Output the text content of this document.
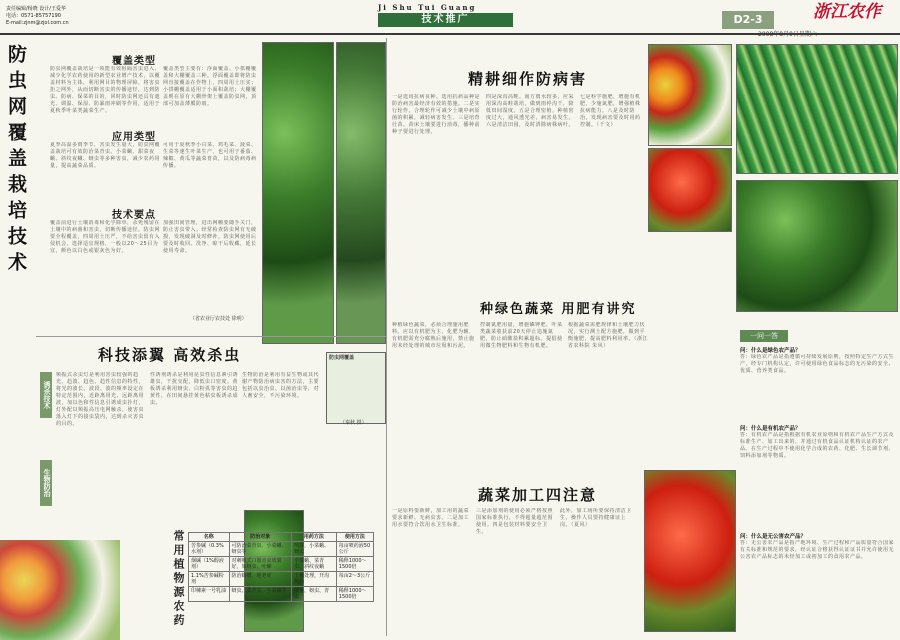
责任编辑/杨晓 设计/王爱华
电话：0571-85757190
E-mail:zjnm@zjol.com.cn
Ji Shu Tui Guang
技术推广	D2-3	浙江农作
防虫网覆盖栽培技术	覆盖类型
防虫网覆盖栽培是一项能有效阻隔害虫进入、减少化学农药使用的新型农业增产技术，以覆盖材料为主体，利用网目的物理屏障，将害虫拒之网外，从而切断害虫的传播途径，达到防虫、防病、保菜的目的，同时防虫网还具有遮光、调温、保湿、防暴雨冲刷等作用，适用于夏秋季叶菜类蔬菜生产。
覆盖类型主要有：浮面覆盖、小拱棚覆盖和大棚覆盖三种。浮面覆盖即将防虫网直接覆盖在作物上，四周用土压实；小拱棚覆盖适用于小面积栽培；大棚覆盖则在原有大棚骨架上覆盖防虫网，顶部可加盖薄膜防雨。
应用类型
夏季高温多雨季节，害虫发生量大，防虫网覆盖栽培可有效防治菜青虫、小菜蛾、甜菜夜蛾、斜纹夜蛾、蚜虫等多种害虫，减少农药用量，提高蔬菜品质。
可用于夏秋季小白菜、鸡毛菜、菠菜、生菜等速生叶菜生产，也可用于番茄、辣椒、黄瓜等蔬菜育苗，以及防病毒病传播。
技术要点
覆盖前进行土壤消毒和化学除草，杀死残留在土壤中的病菌和害虫，切断传播途径。防虫网要全程覆盖，四周用土压严，不给害虫留有入侵机会。选择适宜规格，一般以20～25目为宜，颜色以白色或银灰色为好。
加强田间管理，进出网棚要随手关门，防止害虫带入。经常检查防虫网有无破损，发现破洞及时修补。防虫网使用后要及时收回、洗净、晾干后收藏，延长使用寿命。
（省农业厅农技处 徐明）
科技添翼 高效杀虫
诱杀技术
生物防治
频振式杀虫灯是利用害虫较强的趋光、趋波、趋色、趋性信息的特性，将光的波长、波段、波的频率设定在特定范围内，近距离用光、远距离用波，加以色和性信息引诱成虫扑灯，灯外配以频振高压电网触杀，使害虫落入灯下的接虫袋内，达到杀灭害虫的目的。
性诱剂诱杀是利用昆虫性信息素引诱雄虫，干扰交配，降低虫口密度。黄板诱杀利用蚜虫、白粉虱等害虫的趋黄性，在田间悬挂黄色粘虫板诱杀成虫。
生物防治是利用有益生物或其代谢产物防治病虫害的方法，主要包括以虫治虫、以菌治虫等，对人畜安全，不污染环境。
防虫网覆盖
（秦秋 摄）
常用植物源农药	名称	防治对象	用药方法	使用方法
苦参碱（0.3%水剂）	可防治菜青虫、小菜蛾、蚜虫等	喷雾，小菜蛾、蚜虫	每亩喷药液50公斤
烟碱（1%醇液剂）	对刺吸式口器害虫效果好，如蚜虫、叶蝉	小菜蛾、菜青虫、斜纹夜蛾	稀释1000～1500倍
1.1%苦参碱粉剂	防治蛴螬、地老虎	土壤处理，开沟施药	每亩2～3公斤
印楝素一号乳油	蚜虫、菜青虫、小菜蛾等	喷雾，蚜虫、青虫	稀释1000～1500倍
精耕细作防病害
一是选用抗病良种。选用抗病品种是防治病害最经济有效的措施。二是实行轮作。合理轮作可减少土壤中病原菌的积累，减轻病害发生。三是培育壮苗。苗床土壤要进行消毒，播种前种子要进行处理。
四是深沟高畦。南方雨水较多，应采用深沟高畦栽培，做到雨停沟干，降低田间湿度。五是合理密植。种植密度过大，通风透光差，病害易发生。六是清洁田园，及时清除病株病叶。
七是科学施肥，增施有机肥，少施氮肥，增强植株抗病能力。八是及时防治，发现病害要及时用药控制。（千文）
种绿色蔬菜 用肥有讲究
种植绿色蔬菜，必须合理施用肥料。应以有机肥为主，化肥为辅，有机肥需充分腐熟后施用，禁止施用未经处理的城市垃圾和污泥。
控制氮肥用量，增施磷钾肥，叶菜类蔬菜收获前20天停止追施氮肥，防止硝酸盐积累超标。提倡使用微生物肥料和生物有机肥。
根据蔬菜需肥规律和土壤肥力状况，实行测土配方施肥，做到平衡施肥，提高肥料利用率。（浙江省农科院 朱风）
蔬菜加工四注意
一是原料要新鲜，加工用的蔬菜要求新鲜、无病虫害。二是加工用水要符合饮用水卫生标准。
三是添加剂的使用必须严格按照国家标准执行，不得超量超范围使用。四是包装材料要安全卫生。
此外，加工场所要保持清洁卫生，操作人员要持健康证上岗。（夏风）
一问一答
问：什么是绿色农产品？
答：绿色农产品是指遵循可持续发展原则，按照特定生产方式生产，经专门机构认定，许可使用绿色食品标志的无污染的安全、优质、营养类食品。
问：什么是有机农产品？
答：有机农产品是指根据有机农业原则和有机农产品生产方式及标准生产、加工出来的，并通过有机食品认证机构认证的农产品。在生产过程中不使用化学合成的农药、化肥、生长调节剂、饲料添加剂等物质。
问：什么是无公害农产品？
答：无公害农产品是指产地环境、生产过程和产品质量符合国家有关标准和规范的要求，经认证合格获得认证证书并允许使用无公害农产品标志的未经加工或初加工的食用农产品。
